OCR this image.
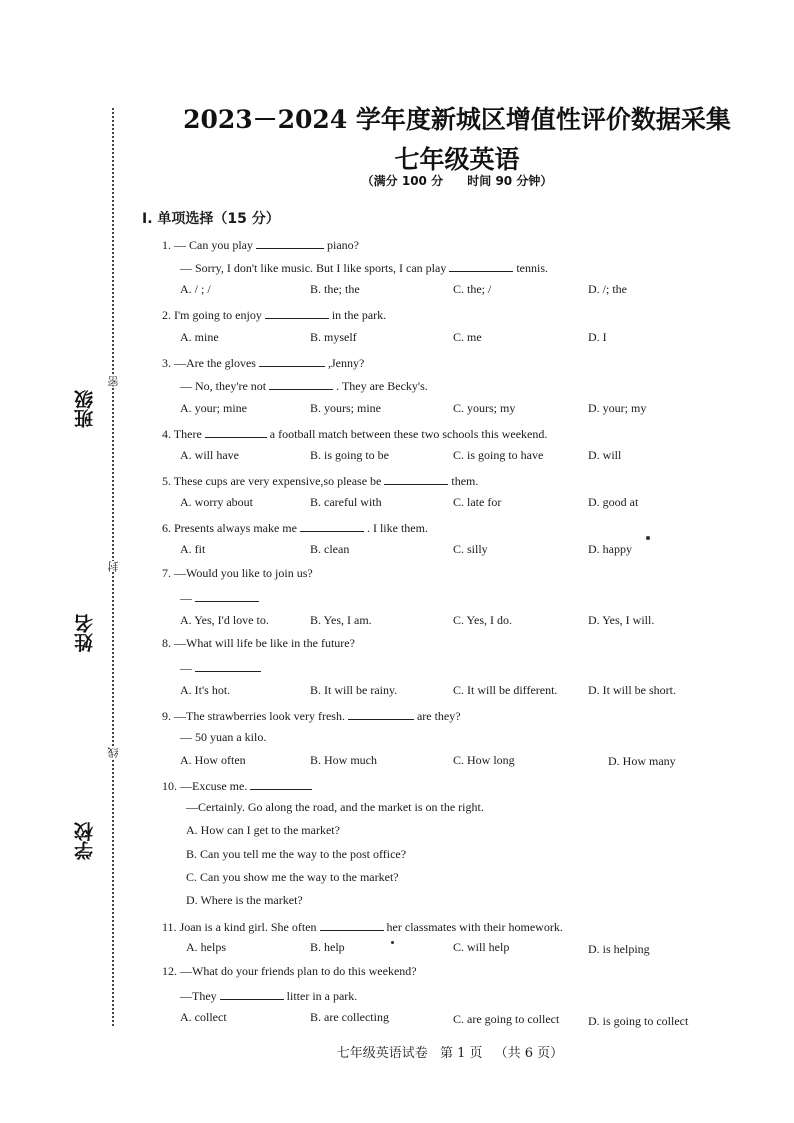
班级
姓名
学校
密
封
线
2023－2024 学年度新城区增值性评价数据采集
七年级英语
（满分 100 分 时间 90 分钟）
Ⅰ. 单项选择（15 分）
1. — Can you play	piano?
— Sorry, I don't like music. But I like sports, I can play	tennis.
A. / ; /	B. the; the	C. the; /	D. /; the
2. I'm going to enjoy	in the park.
A. mine	B. myself	C. me	D. I
3. —Are the gloves	,Jenny?
— No, they're not	. They are Becky's.
A. your; mine	B. yours; mine	C. yours; my	D. your; my
4. There	a football match between these two schools this weekend.
A. will have	B. is going to be	C. is going to have	D. will
5. These cups are very expensive,so please be	them.
A. worry about	B. careful with	C. late for	D. good at
6. Presents always make me	. I like them.
A. fit	B. clean	C. silly	D. happy
7. —Would you like to join us?
—
A. Yes, I'd love to.	B. Yes, I am.	C. Yes, I do.	D. Yes, I will.
8. —What will life be like in the future?
—
A. It's hot.	B. It will be rainy.	C. It will be different.	D. It will be short.
9. —The strawberries look very fresh.	are they?
— 50 yuan a kilo.
A. How often	B. How much	C. How long	D. How many
10. —Excuse me.
—Certainly. Go along the road, and the market is on the right.
A. How can I get to the market?
B. Can you tell me the way to the post office?
C. Can you show me the way to the market?
D. Where is the market?
11. Joan is a kind girl. She often	her classmates with their homework.
A. helps	B. help	C. will help	D. is helping
12. —What do your friends plan to do this weekend?
—They	litter in a park.
A. collect	B. are collecting	C. are going to collect D. is going to collect
七年级英语试卷 第 1 页 （共 6 页）
